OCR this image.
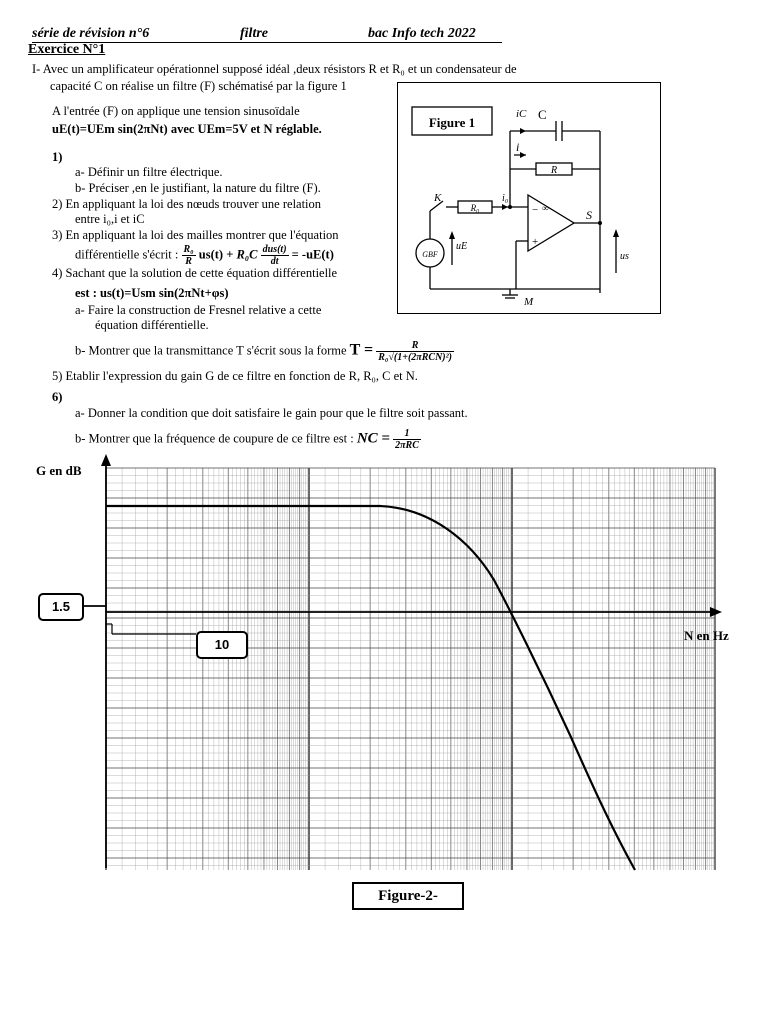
série de révision n°6	filtre	bac Info tech 2022
Exercice N°1
I- Avec un amplificateur opérationnel supposé idéal ,deux résistors R et R₀ et un condensateur de
capacité C on réalise un filtre (F) schématisé par la figure 1
A l'entrée (F) on applique une tension sinusoïdale
uE(t)=UEm sin(2πNt) avec UEm=5V et N réglable.
1)
a- Définir un filtre électrique.
b- Préciser ,en le justifiant, la nature du filtre (F).
2) En appliquant la loi des nœuds trouver une relation
entre i₀,i et iC
3) En appliquant la loi des mailles montrer que l'équation
différentielle s'écrit : $\frac{\text{R₀}}{R} us(t) + R_0C \frac{\text{dus(t)}}{dt} = -uE(t)$
4) Sachant que la solution de cette équation différentielle
est : us(t)=Usm sin(2πNt+φs)
a- Faire la construction de Fresnel relative a cette
équation différentielle.
b- Montrer que la transmittance T s'écrit sous la forme $T = \frac{R}{\text{R₀√(1+(2πRCN)²)}}$
5) Etablir l'expression du gain G de ce filtre en fonction de R, R₀, C et N.
6)
a- Donner la condition que doit satisfaire le gain pour que le filtre soit passant.
b- Montrer que la fréquence de coupure de ce filtre est : NC = $\frac{1}{\text{2πRC}}$
Figure 1
iC C
i
R
K
R₀
i₀
−
+
∞	S
GBF
uE
us
M
G en dB
N en Hz
1.5
10
Figure-2-
